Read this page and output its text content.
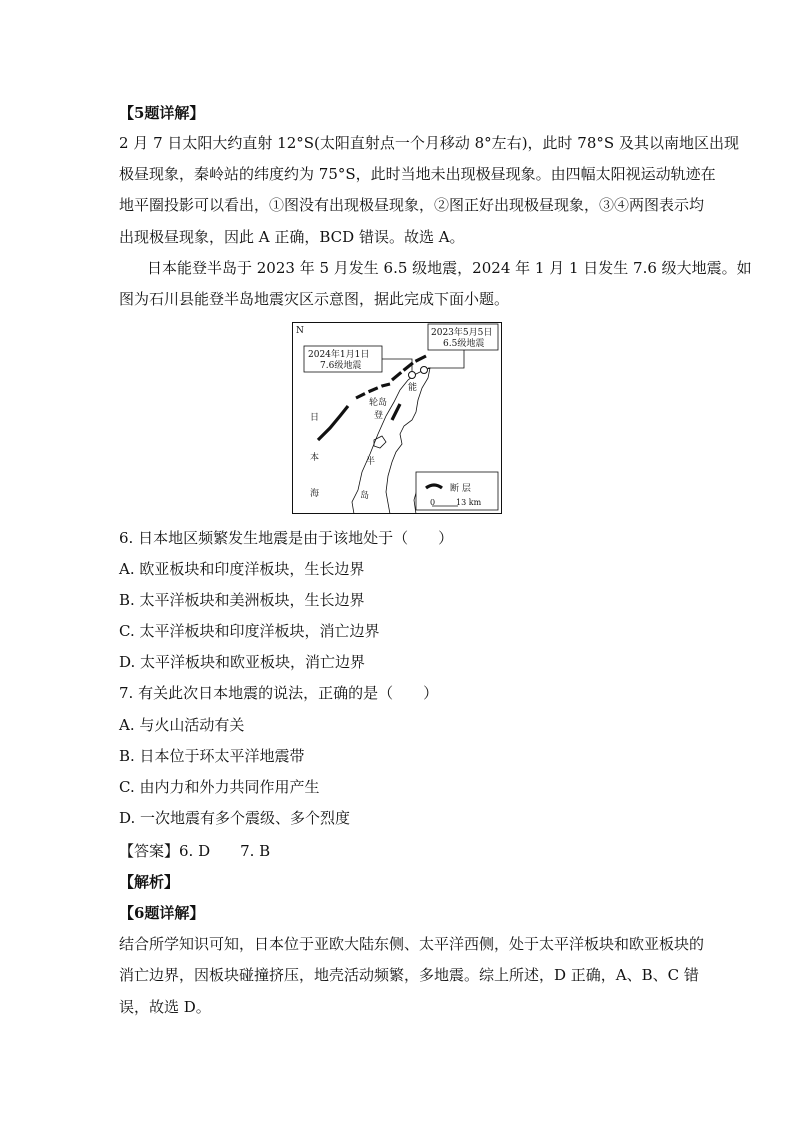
【5题详解】
2 月 7 日太阳大约直射 12°S(太阳直射点一个月移动 8°左右)，此时 78°S 及其以南地区出现
极昼现象，秦岭站的纬度约为 75°S，此时当地未出现极昼现象。由四幅太阳视运动轨迹在
地平圈投影可以看出，①图没有出现极昼现象，②图正好出现极昼现象，③④两图表示均
出现极昼现象，因此 A 正确，BCD 错误。故选 A。
日本能登半岛于 2023 年 5 月发生 6.5 级地震，2024 年 1 月 1 日发生 7.6 级大地震。如
图为石川县能登半岛地震灾区示意图，据此完成下面小题。
N	2023年5月5日
6.5级地震
2024年1月1日
7.6级地震
轮岛
能
登
半
岛
日
本
海	断 层
0	13 km
6. 日本地区频繁发生地震是由于该地处于（　　）
A. 欧亚板块和印度洋板块，生长边界
B. 太平洋板块和美洲板块，生长边界
C. 太平洋板块和印度洋板块，消亡边界
D. 太平洋板块和欧亚板块，消亡边界
7. 有关此次日本地震的说法，正确的是（　　）
A. 与火山活动有关
B. 日本位于环太平洋地震带
C. 由内力和外力共同作用产生
D. 一次地震有多个震级、多个烈度
【答案】6. D　　7. B
【解析】
【6题详解】
结合所学知识可知，日本位于亚欧大陆东侧、太平洋西侧，处于太平洋板块和欧亚板块的
消亡边界，因板块碰撞挤压，地壳活动频繁，多地震。综上所述，D 正确，A、B、C 错
误，故选 D。
